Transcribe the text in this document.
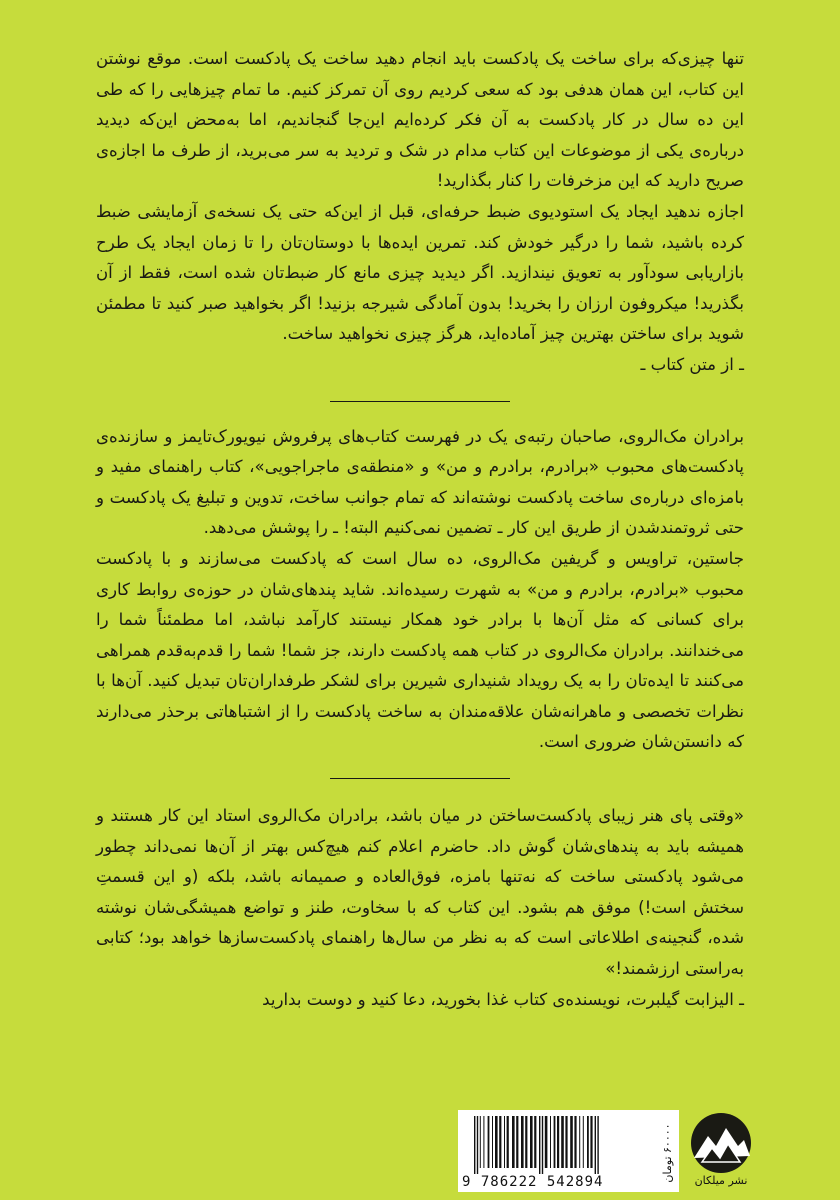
تنها چیزی‌که برای ساخت یک پادکست باید انجام دهید ساخت یک پادکست است. موقع نوشتن این کتاب، این همان هدفی بود که سعی کردیم روی آن تمرکز کنیم. ما تمام چیزهایی را که طی این ده سال در کار پادکست به آن فکر کرده‌ایم این‌جا گنجاندیم، اما به‌محض این‌که دیدید درباره‌ی یکی از موضوعات این کتاب مدام در شک و تردید به سر می‌برید، از طرف ما اجازه‌ی صریح دارید که این مزخرفات را کنار بگذارید!

اجازه ندهید ایجاد یک استودیوی ضبط حرفه‌ای، قبل از این‌که حتی یک نسخه‌ی آزمایشی ضبط کرده باشید، شما را درگیر خودش کند. تمرین ایده‌ها با دوستان‌تان را تا زمان ایجاد یک طرح بازاریابی سودآور به تعویق نیندازید. اگر دیدید چیزی مانع کار ضبط‌تان شده است، فقط از آن بگذرید! میکروفون ارزان را بخرید! بدون آمادگی شیرجه بزنید! اگر بخواهید صبر کنید تا مطمئن شوید برای ساختن بهترین چیز آماده‌اید، هرگز چیزی نخواهید ساخت.

ـ از متن کتاب ـ

برادران مک‌الروی، صاحبان رتبه‌ی یک در فهرست کتاب‌های پرفروش نیویورک‌تایمز و سازنده‌ی پادکست‌های محبوب «برادرم، برادرم و من» و «منطقه‌ی ماجراجویی»، کتاب راهنمای مفید و بامزه‌ای درباره‌ی ساخت پادکست نوشته‌اند که تمام جوانب ساخت، تدوین و تبلیغ یک پادکست و حتی ثروتمندشدن از طریق این کار ـ تضمین نمی‌کنیم البته! ـ را پوشش می‌دهد.

جاستین، تراویس و گریفین مک‌الروی، ده سال است که پادکست می‌سازند و با پادکست محبوب «برادرم، برادرم و من» به شهرت رسیده‌اند. شاید پندهای‌شان در حوزه‌ی روابط کاری برای کسانی که مثل آن‌ها با برادر خود همکار نیستند کارآمد نباشد، اما مطمئناً شما را می‌خندانند. برادران مک‌الروی در کتاب همه پادکست دارند، جز شما! شما را قدم‌به‌قدم همراهی می‌کنند تا ایده‌تان را به یک رویداد شنیداری شیرین برای لشکر طرفداران‌تان تبدیل کنید. آن‌ها با نظرات تخصصی و ماهرانه‌شان علاقه‌مندان به ساخت پادکست را از اشتباهاتی برحذر می‌دارند که دانستن‌شان ضروری است.

«وقتی پای هنر زیبای پادکست‌ساختن در میان باشد، برادران مک‌الروی استاد این کار هستند و همیشه باید به پندهای‌شان گوش داد. حاضرم اعلام کنم هیچ‌کس بهتر از آن‌ها نمی‌داند چطور می‌شود پادکستی ساخت که نه‌تنها بامزه، فوق‌العاده و صمیمانه باشد، بلکه (و این قسمتِ سختش است!) موفق هم بشود. این کتاب که با سخاوت، طنز و تواضع همیشگی‌شان نوشته شده، گنجینه‌ی اطلاعاتی است که به نظر من سال‌ها راهنمای پادکست‌سازها خواهد بود؛ کتابی به‌راستی ارزشمند!»

ـ الیزابت گیلبرت، نویسنده‌ی کتاب غذا بخورید، دعا کنید و دوست بدارید

9 786222 542894	۶۰۰۰۰ تومان
نشر میلکان
